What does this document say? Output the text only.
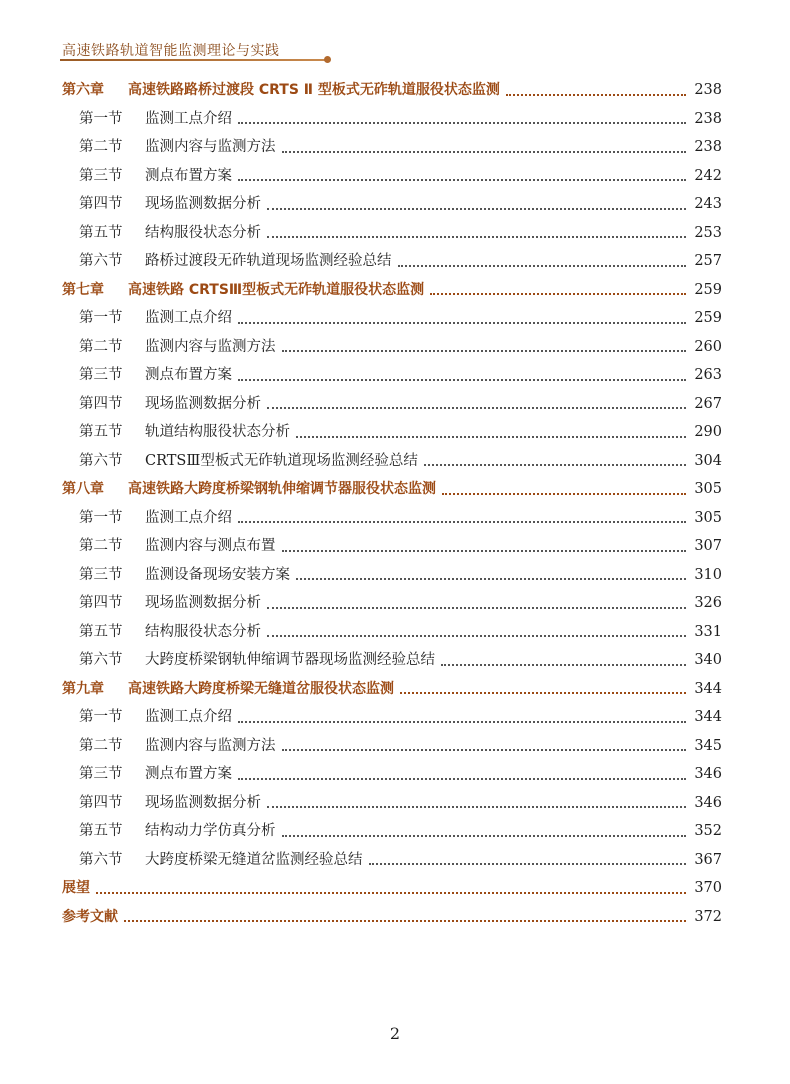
高速铁路轨道智能监测理论与实践
第六章	高速铁路路桥过渡段 CRTS Ⅱ 型板式无砟轨道服役状态监测	238
第一节	监测工点介绍	238
第二节	监测内容与监测方法	238
第三节	测点布置方案	242
第四节	现场监测数据分析	243
第五节	结构服役状态分析	253
第六节	路桥过渡段无砟轨道现场监测经验总结	257
第七章	高速铁路 CRTSⅢ型板式无砟轨道服役状态监测	259
第一节	监测工点介绍	259
第二节	监测内容与监测方法	260
第三节	测点布置方案	263
第四节	现场监测数据分析	267
第五节	轨道结构服役状态分析	290
第六节	CRTSⅢ型板式无砟轨道现场监测经验总结	304
第八章	高速铁路大跨度桥梁钢轨伸缩调节器服役状态监测	305
第一节	监测工点介绍	305
第二节	监测内容与测点布置	307
第三节	监测设备现场安装方案	310
第四节	现场监测数据分析	326
第五节	结构服役状态分析	331
第六节	大跨度桥梁钢轨伸缩调节器现场监测经验总结	340
第九章	高速铁路大跨度桥梁无缝道岔服役状态监测	344
第一节	监测工点介绍	344
第二节	监测内容与监测方法	345
第三节	测点布置方案	346
第四节	现场监测数据分析	346
第五节	结构动力学仿真分析	352
第六节	大跨度桥梁无缝道岔监测经验总结	367
展望	370
参考文献	372
2
